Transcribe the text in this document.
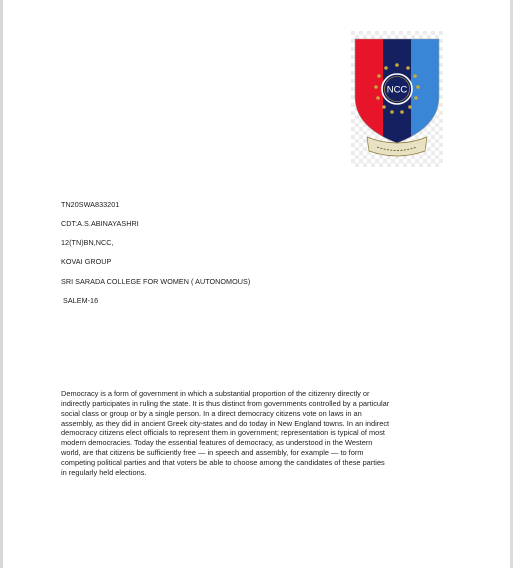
NCC
TN20SWA833201
CDT:A.S.ABINAYASHRI
12(TN)BN,NCC,
KOVAI GROUP
SRI SARADA COLLEGE FOR WOMEN ( AUTONOMOUS)
SALEM-16
Democracy is a form of government in which a substantial proportion of the citizenry directly or
indirectly participates in ruling the state. It is thus distinct from governments controlled by a particular
social class or group or by a single person. In a direct democracy citizens vote on laws in an
assembly, as they did in ancient Greek city-states and do today in New England towns. In an indirect
democracy citizens elect officials to represent them in government; representation is typical of most
modern democracies. Today the essential features of democracy, as understood in the Western
world, are that citizens be sufficiently free — in speech and assembly, for example — to form
competing political parties and that voters be able to choose among the candidates of these parties
in regularly held elections.
